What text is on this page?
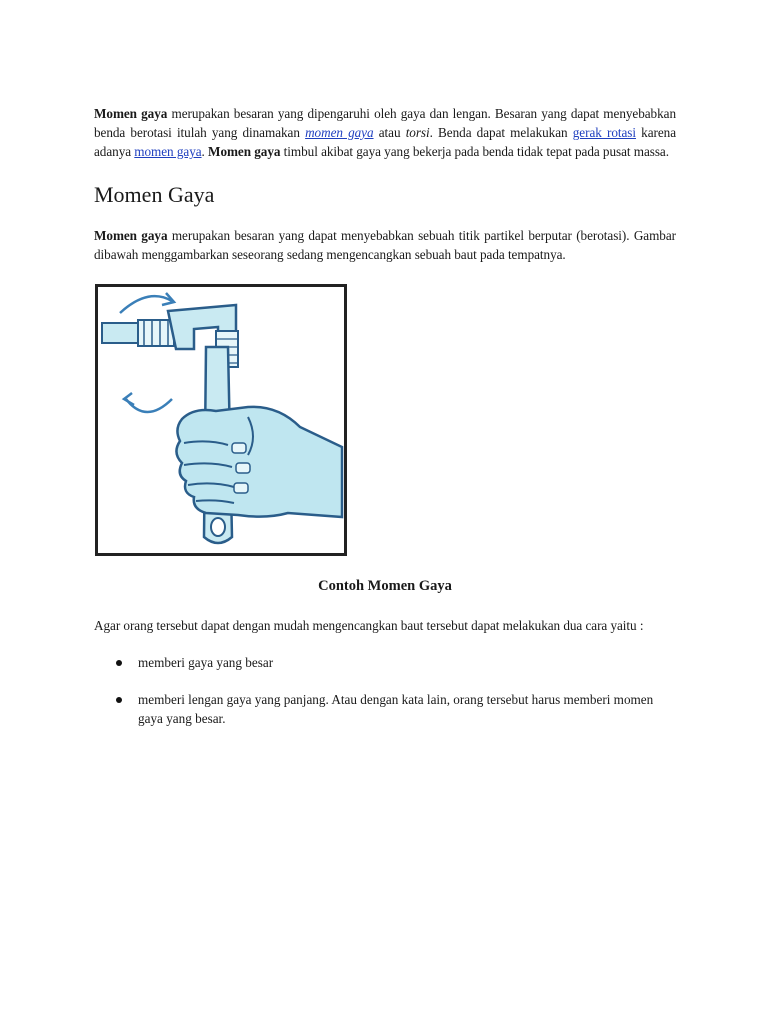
Momen gaya merupakan besaran yang dipengaruhi oleh gaya dan lengan. Besaran yang dapat menyebabkan benda berotasi itulah yang dinamakan momen gaya atau torsi. Benda dapat melakukan gerak rotasi karena adanya momen gaya. Momen gaya timbul akibat gaya yang bekerja pada benda tidak tepat pada pusat massa.

Momen Gaya

Momen gaya merupakan besaran yang dapat menyebabkan sebuah titik partikel berputar (berotasi). Gambar dibawah menggambarkan seseorang sedang mengencangkan sebuah baut pada tempatnya.

Contoh Momen Gaya

Agar orang tersebut dapat dengan mudah mengencangkan baut tersebut dapat melakukan dua cara yaitu :

memberi gaya yang besar
memberi lengan gaya yang panjang. Atau dengan kata lain, orang tersebut harus memberi momen gaya yang besar.
